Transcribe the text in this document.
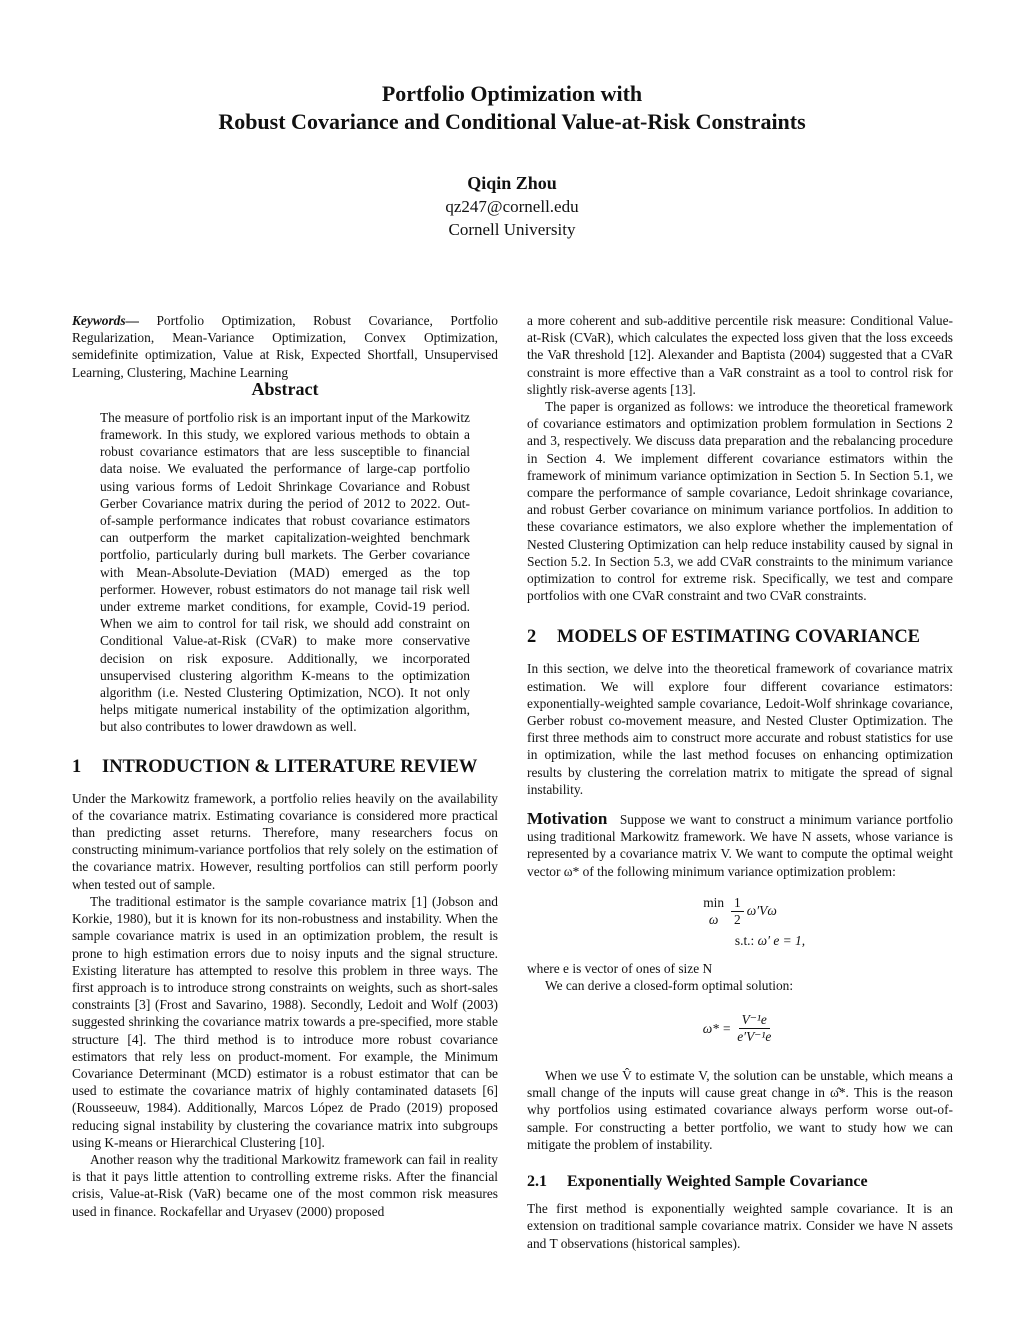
Portfolio Optimization with
Robust Covariance and Conditional Value-at-Risk Constraints
Qiqin Zhou
qz247@cornell.edu
Cornell University

Keywords— Portfolio Optimization, Robust Covariance, Portfolio Regularization, Mean-Variance Optimization, Convex Optimization, semidefinite optimization, Value at Risk, Expected Shortfall, Unsupervised Learning, Clustering, Machine Learning

Abstract

The measure of portfolio risk is an important input of the Markowitz framework. In this study, we explored various methods to obtain a robust covariance estimators that are less susceptible to financial data noise. We evaluated the performance of large-cap portfolio using various forms of Ledoit Shrinkage Covariance and Robust Gerber Covariance matrix during the period of 2012 to 2022. Out-of-sample performance indicates that robust covariance estimators can outperform the market capitalization-weighted benchmark portfolio, particularly during bull markets. The Gerber covariance with Mean-Absolute-Deviation (MAD) emerged as the top performer. However, robust estimators do not manage tail risk well under extreme market conditions, for example, Covid-19 period. When we aim to control for tail risk, we should add constraint on Conditional Value-at-Risk (CVaR) to make more conservative decision on risk exposure. Additionally, we incorporated unsupervised clustering algorithm K-means to the optimization algorithm (i.e. Nested Clustering Optimization, NCO). It not only helps mitigate numerical instability of the optimization algorithm, but also contributes to lower drawdown as well.

1	INTRODUCTION & LITERATURE REVIEW

Under the Markowitz framework, a portfolio relies heavily on the availability of the covariance matrix. Estimating covariance is considered more practical than predicting asset returns. Therefore, many researchers focus on constructing minimum-variance portfolios that rely solely on the estimation of the covariance matrix. However, resulting portfolios can still perform poorly when tested out of sample.

The traditional estimator is the sample covariance matrix [1] (Jobson and Korkie, 1980), but it is known for its non-robustness and instability. When the sample covariance matrix is used in an optimization problem, the result is prone to high estimation errors due to noisy inputs and the signal structure. Existing literature has attempted to resolve this problem in three ways. The first approach is to introduce strong constraints on weights, such as short-sales constraints [3] (Frost and Savarino, 1988). Secondly, Ledoit and Wolf (2003) suggested shrinking the covariance matrix towards a pre-specified, more stable structure [4]. The third method is to introduce more robust covariance estimators that rely less on product-moment. For example, the Minimum Covariance Determinant (MCD) estimator is a robust estimator that can be used to estimate the covariance matrix of highly contaminated datasets [6] (Rousseeuw, 1984). Additionally, Marcos López de Prado (2019) proposed reducing signal instability by clustering the covariance matrix into subgroups using K-means or Hierarchical Clustering [10].

Another reason why the traditional Markowitz framework can fail in reality is that it pays little attention to controlling extreme risks. After the financial crisis, Value-at-Risk (VaR) became one of the most common risk measures used in finance. Rockafellar and Uryasev (2000) proposed

a more coherent and sub-additive percentile risk measure: Conditional Value-at-Risk (CVaR), which calculates the expected loss given that the loss exceeds the VaR threshold [12]. Alexander and Baptista (2004) suggested that a CVaR constraint is more effective than a VaR constraint as a tool to control risk for slightly risk-averse agents [13].

The paper is organized as follows: we introduce the theoretical framework of covariance estimators and optimization problem formulation in Sections 2 and 3, respectively. We discuss data preparation and the rebalancing procedure in Section 4. We implement different covariance estimators within the framework of minimum variance optimization in Section 5. In Section 5.1, we compare the performance of sample covariance, Ledoit shrinkage covariance, and robust Gerber covariance on minimum variance portfolios. In addition to these covariance estimators, we also explore whether the implementation of Nested Clustering Optimization can help reduce instability caused by signal in Section 5.2. In Section 5.3, we add CVaR constraints to the minimum variance optimization to control for extreme risk. Specifically, we test and compare portfolios with one CVaR constraint and two CVaR constraints.

2	MODELS OF ESTIMATING COVARIANCE

In this section, we delve into the theoretical framework of covariance matrix estimation. We will explore four different covariance estimators: exponentially-weighted sample covariance, Ledoit-Wolf shrinkage covariance, Gerber robust co-movement measure, and Nested Cluster Optimization. The first three methods aim to construct more accurate and robust statistics for use in optimization, while the last method focuses on enhancing optimization results by clustering the correlation matrix to mitigate the spread of signal instability.

Motivation Suppose we want to construct a minimum variance portfolio using traditional Markowitz framework. We have N assets, whose variance is represented by a covariance matrix V. We want to compute the optimal weight vector ω* of the following minimum variance optimization problem:

min
ω $\frac{1}{2} \omega'V\omega$
s.t.: ω′ e = 1,

where e is vector of ones of size N

We can derive a closed-form optimal solution:

$\omega* = \frac{\text{V⁻¹e}}{\text{e′V⁻¹e}}$

When we use V̂ to estimate V, the solution can be unstable, which means a small change of the inputs will cause great change in ω̂*. This is the reason why portfolios using estimated covariance always perform worse out-of-sample. For constructing a better portfolio, we want to study how we can mitigate the problem of instability.

2.1	Exponentially Weighted Sample Covariance

The first method is exponentially weighted sample covariance. It is an extension on traditional sample covariance matrix. Consider we have N assets and T observations (historical samples).
